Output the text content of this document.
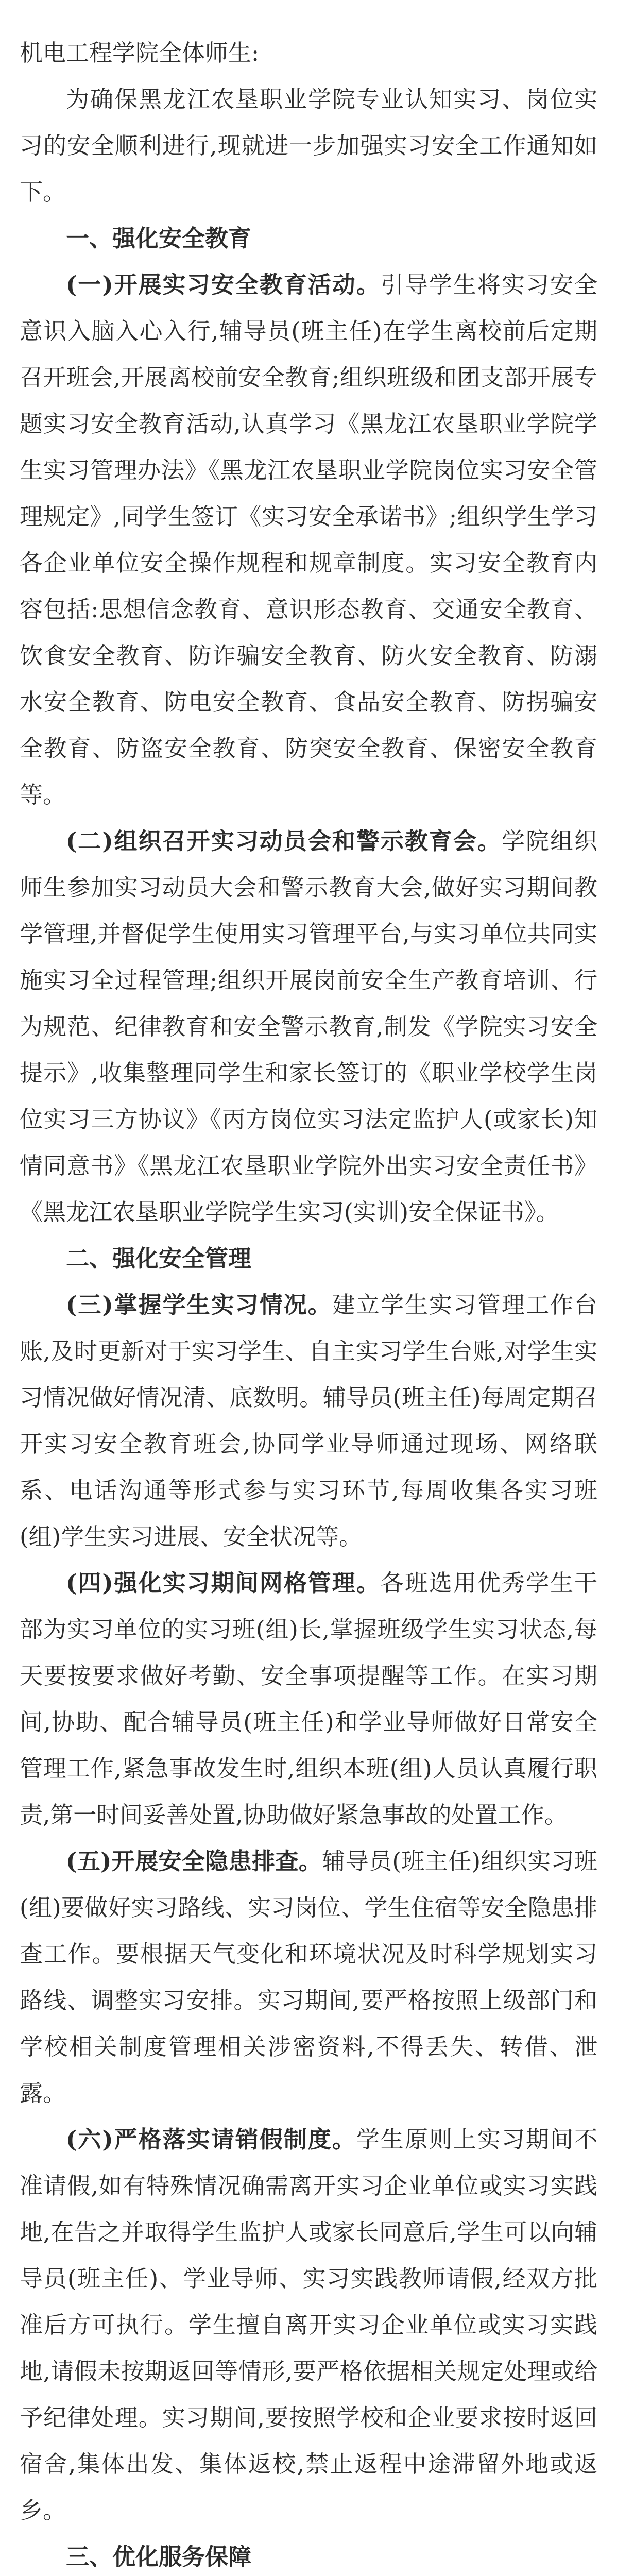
机电工程学院全体师生:

为确保黑龙江农垦职业学院专业认知实习、岗位实习的安全顺利进行,现就进一步加强实习安全工作通知如下。

一、强化安全教育

(一)开展实习安全教育活动。引导学生将实习安全意识入脑入心入行,辅导员(班主任)在学生离校前后定期召开班会,开展离校前安全教育;组织班级和团支部开展专题实习安全教育活动,认真学习《黑龙江农垦职业学院学生实习管理办法》《黑龙江农垦职业学院岗位实习安全管理规定》,同学生签订《实习安全承诺书》;组织学生学习各企业单位安全操作规程和规章制度。实习安全教育内容包括:思想信念教育、意识形态教育、交通安全教育、饮食安全教育、防诈骗安全教育、防火安全教育、防溺水安全教育、防电安全教育、食品安全教育、防拐骗安全教育、防盗安全教育、防突安全教育、保密安全教育等。

(二)组织召开实习动员会和警示教育会。学院组织师生参加实习动员大会和警示教育大会,做好实习期间教学管理,并督促学生使用实习管理平台,与实习单位共同实施实习全过程管理;组织开展岗前安全生产教育培训、行为规范、纪律教育和安全警示教育,制发《学院实习安全提示》,收集整理同学生和家长签订的《职业学校学生岗位实习三方协议》《丙方岗位实习法定监护人(或家长)知情同意书》《黑龙江农垦职业学院外出实习安全责任书》《黑龙江农垦职业学院学生实习(实训)安全保证书》。

二、强化安全管理

(三)掌握学生实习情况。建立学生实习管理工作台账,及时更新对于实习学生、自主实习学生台账,对学生实习情况做好情况清、底数明。辅导员(班主任)每周定期召开实习安全教育班会,协同学业导师通过现场、网络联系、电话沟通等形式参与实习环节,每周收集各实习班(组)学生实习进展、安全状况等。

(四)强化实习期间网格管理。各班选用优秀学生干部为实习单位的实习班(组)长,掌握班级学生实习状态,每天要按要求做好考勤、安全事项提醒等工作。在实习期间,协助、配合辅导员(班主任)和学业导师做好日常安全管理工作,紧急事故发生时,组织本班(组)人员认真履行职责,第一时间妥善处置,协助做好紧急事故的处置工作。

(五)开展安全隐患排查。辅导员(班主任)组织实习班(组)要做好实习路线、实习岗位、学生住宿等安全隐患排查工作。要根据天气变化和环境状况及时科学规划实习路线、调整实习安排。实习期间,要严格按照上级部门和学校相关制度管理相关涉密资料,不得丢失、转借、泄露。

(六)严格落实请销假制度。学生原则上实习期间不准请假,如有特殊情况确需离开实习企业单位或实习实践地,在告之并取得学生监护人或家长同意后,学生可以向辅导员(班主任)、学业导师、实习实践教师请假,经双方批准后方可执行。学生擅自离开实习企业单位或实习实践地,请假未按期返回等情形,要严格依据相关规定处理或给予纪律处理。实习期间,要按照学校和企业要求按时返回宿舍,集体出发、集体返校,禁止返程中途滞留外地或返乡。

三、优化服务保障
